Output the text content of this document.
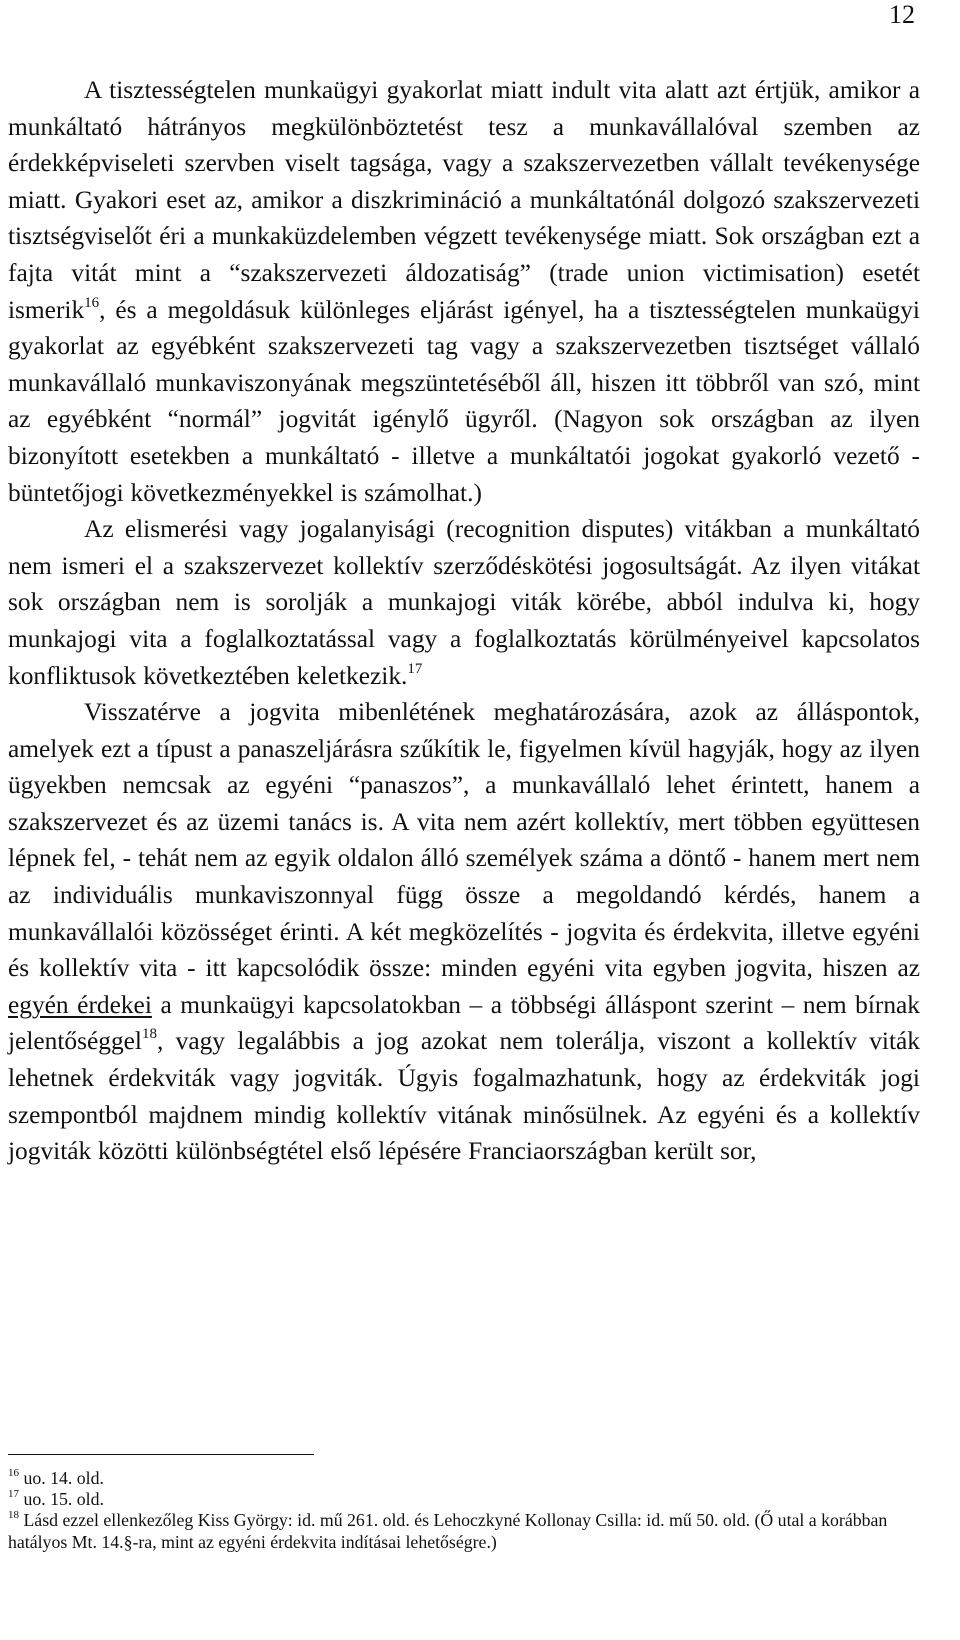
12

A tisztességtelen munkaügyi gyakorlat miatt indult vita alatt azt értjük, amikor a munkáltató hátrányos megkülönböztetést tesz a munkavállalóval szemben az érdekképviseleti szervben viselt tagsága, vagy a szakszervezetben vállalt tevékenysége miatt. Gyakori eset az, amikor a diszkrimináció a munkáltatónál dolgozó szakszervezeti tisztségviselőt éri a munkaküzdelemben végzett tevékenysége miatt. Sok országban ezt a fajta vitát mint a “szakszervezeti áldozatiság” (trade union victimisation) esetét ismerik$^{16}$, és a megoldásuk különleges eljárást igényel, ha a tisztességtelen munkaügyi gyakorlat az egyébként szakszervezeti tag vagy a szakszervezetben tisztséget vállaló munkavállaló munkaviszonyának megszüntetéséből áll, hiszen itt többről van szó, mint az egyébként “normál” jogvitát igénylő ügyről. (Nagyon sok országban az ilyen bizonyított esetekben a munkáltató - illetve a munkáltatói jogokat gyakorló vezető - büntetőjogi következményekkel is számolhat.)

Az elismerési vagy jogalanyisági (recognition disputes) vitákban a munkáltató nem ismeri el a szakszervezet kollektív szerződéskötési jogosultságát. Az ilyen vitákat sok országban nem is sorolják a munkajogi viták körébe, abból indulva ki, hogy munkajogi vita a foglalkoztatással vagy a foglalkoztatás körülményeivel kapcsolatos konfliktusok következtében keletkezik.$^{17}$

Visszatérve a jogvita mibenlétének meghatározására, azok az álláspontok, amelyek ezt a típust a panaszeljárásra szűkítik le, figyelmen kívül hagyják, hogy az ilyen ügyekben nemcsak az egyéni “panaszos”, a munkavállaló lehet érintett, hanem a szakszervezet és az üzemi tanács is. A vita nem azért kollektív, mert többen együttesen lépnek fel, - tehát nem az egyik oldalon álló személyek száma a döntő - hanem mert nem az individuális munkaviszonnyal függ össze a megoldandó kérdés, hanem a munkavállalói közösséget érinti. A két megközelítés - jogvita és érdekvita, illetve egyéni és kollektív vita - itt kapcsolódik össze: minden egyéni vita egyben jogvita, hiszen az egyén érdekei a munkaügyi kapcsolatokban – a többségi álláspont szerint – nem bírnak jelentőséggel$^{18}$, vagy legalábbis a jog azokat nem tolerálja, viszont a kollektív viták lehetnek érdekviták vagy jogviták. Úgyis fogalmazhatunk, hogy az érdekviták jogi szempontból majdnem mindig kollektív vitának minősülnek. Az egyéni és a kollektív jogviták közötti különbségtétel első lépésére Franciaországban került sor,

$^{16}$ uo. 14. old.

$^{17}$ uo. 15. old.

$^{18}$ Lásd ezzel ellenkezőleg Kiss György: id. mű 261. old. és Lehoczkyné Kollonay Csilla: id. mű 50. old. (Ő utal a korábban hatályos Mt. 14.§-ra, mint az egyéni érdekvita indításai lehetőségre.)
